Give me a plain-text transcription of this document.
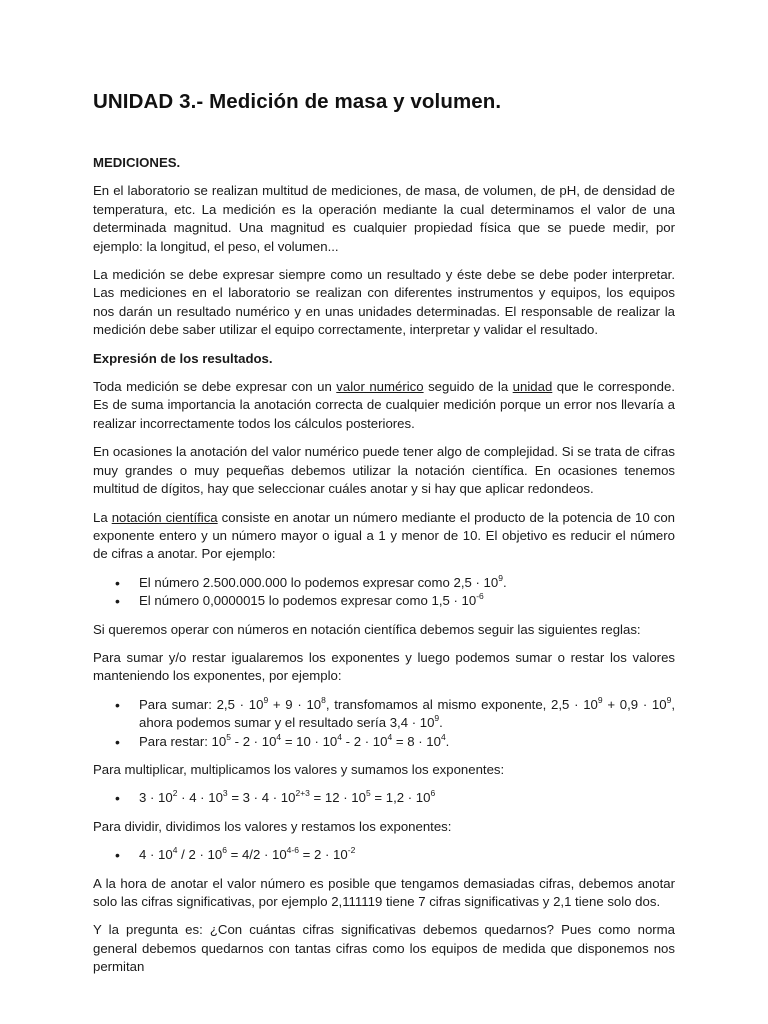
UNIDAD 3.- Medición de masa y volumen.
MEDICIONES.

En el laboratorio se realizan multitud de mediciones, de masa, de volumen, de pH, de densidad de temperatura, etc. La medición es la operación mediante la cual determinamos el valor de una determinada magnitud. Una magnitud es cualquier propiedad física que se puede medir, por ejemplo: la longitud, el peso, el volumen...

La medición se debe expresar siempre como un resultado y éste debe se debe poder interpretar. Las mediciones en el laboratorio se realizan con diferentes instrumentos y equipos, los equipos nos darán un resultado numérico y en unas unidades determinadas. El responsable de realizar la medición debe saber utilizar el equipo correctamente, interpretar y validar el resultado.

Expresión de los resultados.

Toda medición se debe expresar con un valor numérico seguido de la unidad que le corresponde. Es de suma importancia la anotación correcta de cualquier medición porque un error nos llevaría a realizar incorrectamente todos los cálculos posteriores.

En ocasiones la anotación del valor numérico puede tener algo de complejidad. Si se trata de cifras muy grandes o muy pequeñas debemos utilizar la notación científica. En ocasiones tenemos multitud de dígitos, hay que seleccionar cuáles anotar y si hay que aplicar redondeos.

La notación científica consiste en anotar un número mediante el producto de la potencia de 10 con exponente entero y un número mayor o igual a 1 y menor de 10. El objetivo es reducir el número de cifras a anotar. Por ejemplo:

• El número 2.500.000.000 lo podemos expresar como $2,5 \cdot 10^9$.
• El número 0,0000015 lo podemos expresar como $1,5 \cdot 10^{-6}$

Si queremos operar con números en notación científica debemos seguir las siguientes reglas:

Para sumar y/o restar igualaremos los exponentes y luego podemos sumar o restar los valores manteniendo los exponentes, por ejemplo:

• Para sumar: $2,5 \cdot 10^9 + 9 \cdot 10^8$, transfomamos al mismo exponente, $2,5 \cdot 10^9 + 0,9 \cdot 10^9$, ahora podemos sumar y el resultado sería $3,4 \cdot 10^9$.
• Para restar: $10^5 - 2 \cdot 10^4 = 10 \cdot 10^4 - 2 \cdot 10^4 = 8 \cdot 10^4$.

Para multiplicar, multiplicamos los valores y sumamos los exponentes:

• $3 \cdot 10^2 \cdot 4 \cdot 10^3 = 3 \cdot 4 \cdot 10^{2+3} = 12 \cdot 10^5 = 1,2 \cdot 10^6$

Para dividir, dividimos los valores y restamos los exponentes:

• $4 \cdot 10^4 / 2 \cdot 10^6 = 4/2 \cdot 10^{4-6} = 2 \cdot 10^{-2}$

A la hora de anotar el valor número es posible que tengamos demasiadas cifras, debemos anotar solo las cifras significativas, por ejemplo 2,111119 tiene 7 cifras significativas y 2,1 tiene solo dos.

Y la pregunta es: ¿Con cuántas cifras significativas debemos quedarnos? Pues como norma general debemos quedarnos con tantas cifras como los equipos de medida que disponemos nos permitan
